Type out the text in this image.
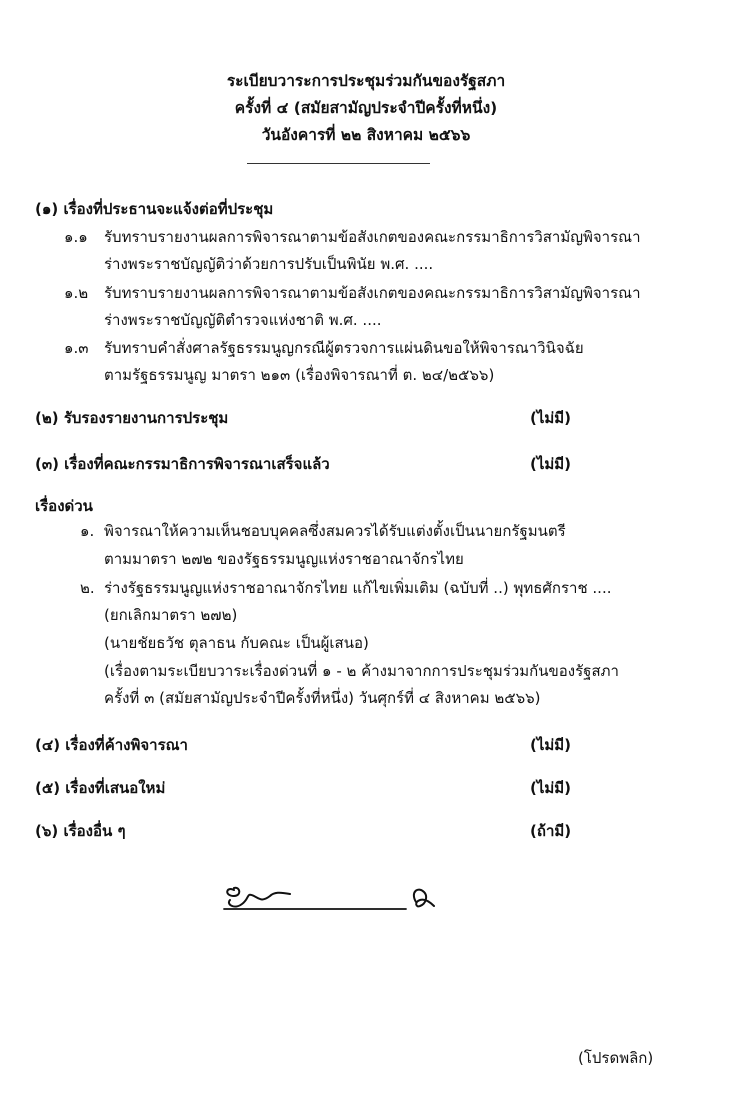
ระเบียบวาระการประชุมร่วมกันของรัฐสภา
ครั้งที่ ๔ (สมัยสามัญประจำปีครั้งที่หนึ่ง)
วันอังคารที่ ๒๒ สิงหาคม ๒๕๖๖
(๑) เรื่องที่ประธานจะแจ้งต่อที่ประชุม
๑.๑ รับทราบรายงานผลการพิจารณาตามข้อสังเกตของคณะกรรมาธิการวิสามัญพิจารณา
ร่างพระราชบัญญัติว่าด้วยการปรับเป็นพินัย พ.ศ. ....
๑.๒ รับทราบรายงานผลการพิจารณาตามข้อสังเกตของคณะกรรมาธิการวิสามัญพิจารณา
ร่างพระราชบัญญัติตำรวจแห่งชาติ พ.ศ. ....
๑.๓ รับทราบคำสั่งศาลรัฐธรรมนูญกรณีผู้ตรวจการแผ่นดินขอให้พิจารณาวินิจฉัย
ตามรัฐธรรมนูญ มาตรา ๒๑๓ (เรื่องพิจารณาที่ ต. ๒๔/๒๕๖๖)
(๒) รับรองรายงานการประชุม	(ไม่มี)
(๓) เรื่องที่คณะกรรมาธิการพิจารณาเสร็จแล้ว	(ไม่มี)
เรื่องด่วน
๑. พิจารณาให้ความเห็นชอบบุคคลซึ่งสมควรได้รับแต่งตั้งเป็นนายกรัฐมนตรี
ตามมาตรา ๒๗๒ ของรัฐธรรมนูญแห่งราชอาณาจักรไทย
๒. ร่างรัฐธรรมนูญแห่งราชอาณาจักรไทย แก้ไขเพิ่มเติม (ฉบับที่ ..) พุทธศักราช ....
(ยกเลิกมาตรา ๒๗๒)
(นายชัยธวัช ตุลาธน กับคณะ เป็นผู้เสนอ)
(เรื่องตามระเบียบวาระเรื่องด่วนที่ ๑ - ๒ ค้างมาจากการประชุมร่วมกันของรัฐสภา
ครั้งที่ ๓ (สมัยสามัญประจำปีครั้งที่หนึ่ง) วันศุกร์ที่ ๔ สิงหาคม ๒๕๖๖)
(๔) เรื่องที่ค้างพิจารณา	(ไม่มี)
(๕) เรื่องที่เสนอใหม่	(ไม่มี)
(๖) เรื่องอื่น ๆ	(ถ้ามี)
(โปรดพลิก)
